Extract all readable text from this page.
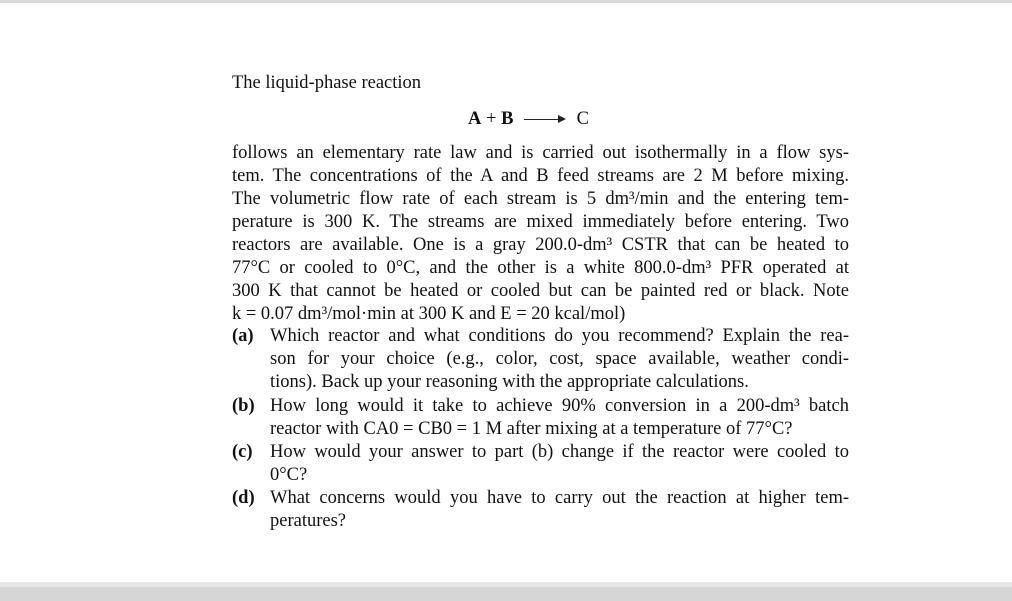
The liquid-phase reaction
A + B	C
follows an elementary rate law and is carried out isothermally in a flow sys-
tem. The concentrations of the A and B feed streams are 2 M before mixing.
The volumetric flow rate of each stream is 5 dm³/min and the entering tem-
perature is 300 K. The streams are mixed immediately before entering. Two
reactors are available. One is a gray 200.0-dm³ CSTR that can be heated to
77°C or cooled to 0°C, and the other is a white 800.0-dm³ PFR operated at
300 K that cannot be heated or cooled but can be painted red or black. Note
k = 0.07 dm³/mol·min at 300 K and E = 20 kcal/mol)
(a) Which reactor and what conditions do you recommend? Explain the rea-
son for your choice (e.g., color, cost, space available, weather condi-
tions). Back up your reasoning with the appropriate calculations.
(b) How long would it take to achieve 90% conversion in a 200-dm³ batch
reactor with CA0 = CB0 = 1 M after mixing at a temperature of 77°C?
(c) How would your answer to part (b) change if the reactor were cooled to
0°C?
(d) What concerns would you have to carry out the reaction at higher tem-
peratures?
